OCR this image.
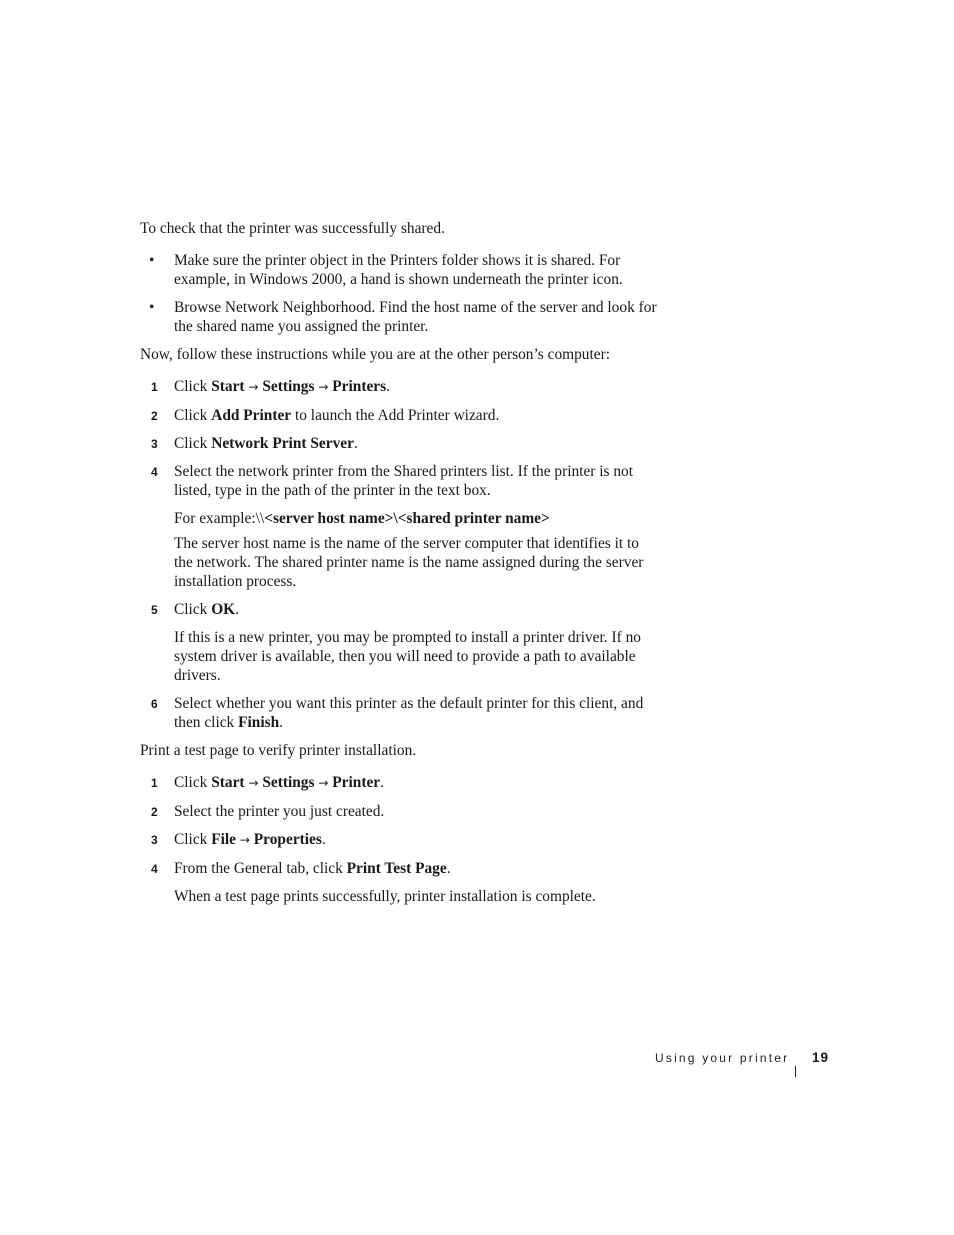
To check that the printer was successfully shared.

• Make sure the printer object in the Printers folder shows it is shared. For example, in Windows 2000, a hand is shown underneath the printer icon.

• Browse Network Neighborhood. Find the host name of the server and look for the shared name you assigned the printer.

Now, follow these instructions while you are at the other person’s computer:

1 Click Start → Settings → Printers.

2 Click Add Printer to launch the Add Printer wizard.

3 Click Network Print Server.

4 Select the network printer from the Shared printers list. If the printer is not listed, type in the path of the printer in the text box.

For example:\\<server host name>\<shared printer name>

The server host name is the name of the server computer that identifies it to the network. The shared printer name is the name assigned during the server installation process.

5 Click OK.

If this is a new printer, you may be prompted to install a printer driver. If no system driver is available, then you will need to provide a path to available drivers.

6 Select whether you want this printer as the default printer for this client, and then click Finish.

Print a test page to verify printer installation.

1 Click Start → Settings → Printer.

2 Select the printer you just created.

3 Click File → Properties.

4 From the General tab, click Print Test Page.

When a test page prints successfully, printer installation is complete.

Using your printer 19
